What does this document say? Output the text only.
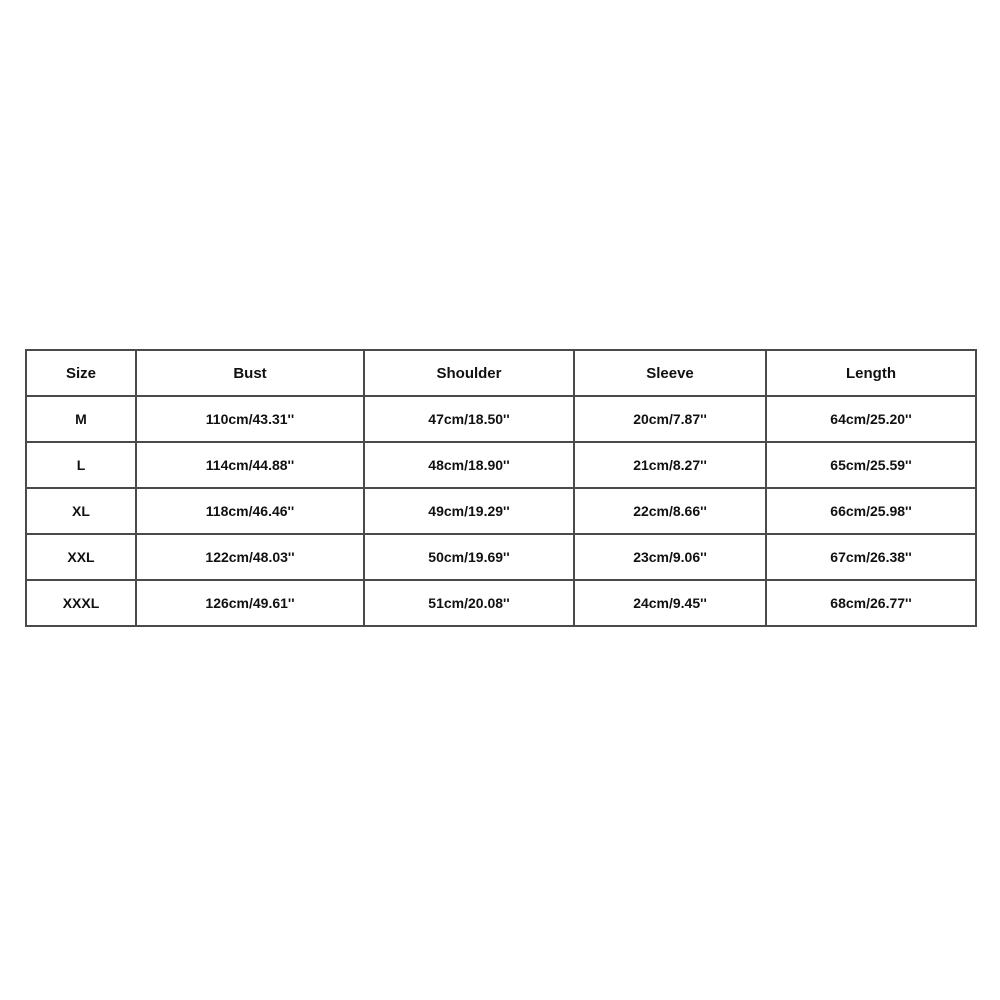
Size	Bust	Shoulder	Sleeve	Length
M	110cm/43.31''	47cm/18.50''	20cm/7.87''	64cm/25.20''
L	114cm/44.88''	48cm/18.90''	21cm/8.27''	65cm/25.59''
XL	118cm/46.46''	49cm/19.29''	22cm/8.66''	66cm/25.98''
XXL	122cm/48.03''	50cm/19.69''	23cm/9.06''	67cm/26.38''
XXXL	126cm/49.61''	51cm/20.08''	24cm/9.45''	68cm/26.77''
